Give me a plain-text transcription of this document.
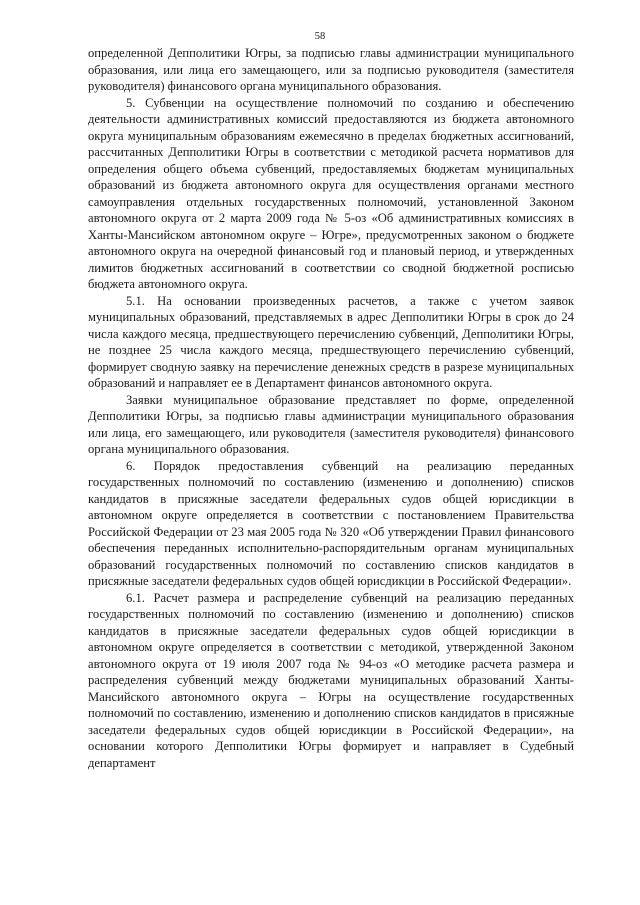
58

определенной Депполитики Югры, за подписью главы администрации муниципального образования, или лица его замещающего, или за подписью руководителя (заместителя руководителя) финансового органа муниципального образования.

5. Субвенции на осуществление полномочий по созданию и обеспечению деятельности административных комиссий предоставляются из бюджета автономного округа муниципальным образованиям ежемесячно в пределах бюджетных ассигнований, рассчитанных Депполитики Югры в соответствии с методикой расчета нормативов для определения общего объема субвенций, предоставляемых бюджетам муниципальных образований из бюджета автономного округа для осуществления органами местного самоуправления отдельных государственных полномочий, установленной Законом автономного округа от 2 марта 2009 года № 5-оз «Об административных комиссиях в Ханты-Мансийском автономном округе – Югре», предусмотренных законом о бюджете автономного округа на очередной финансовый год и плановый период, и утвержденных лимитов бюджетных ассигнований в соответствии со сводной бюджетной росписью бюджета автономного округа.

5.1. На основании произведенных расчетов, а также с учетом заявок муниципальных образований, представляемых в адрес Депполитики Югры в срок до 24 числа каждого месяца, предшествующего перечислению субвенций, Депполитики Югры, не позднее 25 числа каждого месяца, предшествующего перечислению субвенций, формирует сводную заявку на перечисление денежных средств в разрезе муниципальных образований и направляет ее в Департамент финансов автономного округа.

Заявки муниципальное образование представляет по форме, определенной Депполитики Югры, за подписью главы администрации муниципального образования или лица, его замещающего, или руководителя (заместителя руководителя) финансового органа муниципального образования.

6. Порядок предоставления субвенций на реализацию переданных государственных полномочий по составлению (изменению и дополнению) списков кандидатов в присяжные заседатели федеральных судов общей юрисдикции в автономном округе определяется в соответствии с постановлением Правительства Российской Федерации от 23 мая 2005 года № 320 «Об утверждении Правил финансового обеспечения переданных исполнительно-распорядительным органам муниципальных образований государственных полномочий по составлению списков кандидатов в присяжные заседатели федеральных судов общей юрисдикции в Российской Федерации».

6.1. Расчет размера и распределение субвенций на реализацию переданных государственных полномочий по составлению (изменению и дополнению) списков кандидатов в присяжные заседатели федеральных судов общей юрисдикции в автономном округе определяется в соответствии с методикой, утвержденной Законом автономного округа от 19 июля 2007 года № 94-оз «О методике расчета размера и распределения субвенций между бюджетами муниципальных образований Ханты-Мансийского автономного округа – Югры на осуществление государственных полномочий по составлению, изменению и дополнению списков кандидатов в присяжные заседатели федеральных судов общей юрисдикции в Российской Федерации», на основании которого Депполитики Югры формирует и направляет в Судебный департамент
